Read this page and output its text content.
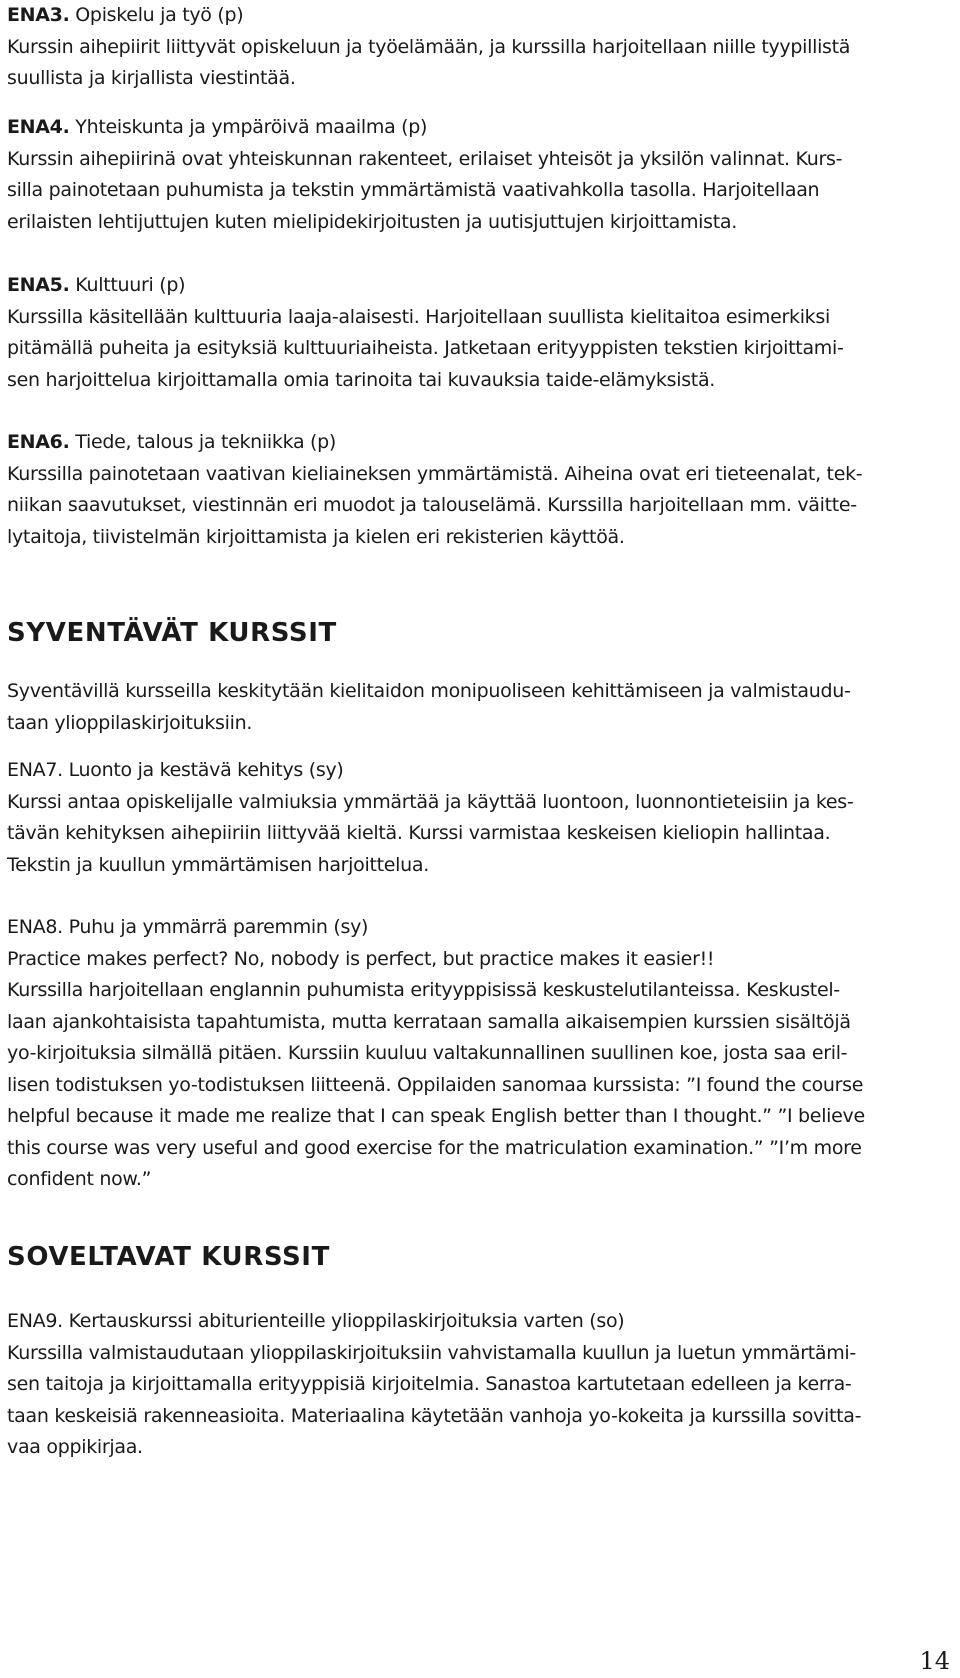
ENA3. Opiskelu ja työ (p)
Kurssin aihepiirit liittyvät opiskeluun ja työelämään, ja kurssilla harjoitellaan niille tyypillistä
suullista ja kirjallista viestintää.
ENA4. Yhteiskunta ja ympäröivä maailma (p)
Kurssin aihepiirinä ovat yhteiskunnan rakenteet, erilaiset yhteisöt ja yksilön valinnat. Kurs-
silla painotetaan puhumista ja tekstin ymmärtämistä vaativahkolla tasolla. Harjoitellaan
erilaisten lehtijuttujen kuten mielipidekirjoitusten ja uutisjuttujen kirjoittamista.
ENA5. Kulttuuri (p)
Kurssilla käsitellään kulttuuria laaja-alaisesti. Harjoitellaan suullista kielitaitoa esimerkiksi
pitämällä puheita ja esityksiä kulttuuriaiheista. Jatketaan erityyppisten tekstien kirjoittami-
sen harjoittelua kirjoittamalla omia tarinoita tai kuvauksia taide-elämyksistä.
ENA6. Tiede, talous ja tekniikka (p)
Kurssilla painotetaan vaativan kieliaineksen ymmärtämistä. Aiheina ovat eri tieteenalat, tek-
niikan saavutukset, viestinnän eri muodot ja talouselämä. Kurssilla harjoitellaan mm. väitte-
lytaitoja, tiivistelmän kirjoittamista ja kielen eri rekisterien käyttöä.
SYVENTÄVÄT KURSSIT
Syventävillä kursseilla keskitytään kielitaidon monipuoliseen kehittämiseen ja valmistaudu-
taan ylioppilaskirjoituksiin.
ENA7. Luonto ja kestävä kehitys (sy)
Kurssi antaa opiskelijalle valmiuksia ymmärtää ja käyttää luontoon, luonnontieteisiin ja kes-
tävän kehityksen aihepiiriin liittyvää kieltä. Kurssi varmistaa keskeisen kieliopin hallintaa.
Tekstin ja kuullun ymmärtämisen harjoittelua.
ENA8. Puhu ja ymmärrä paremmin (sy)
Practice makes perfect? No, nobody is perfect, but practice makes it easier!!
Kurssilla harjoitellaan englannin puhumista erityyppisissä keskustelutilanteissa. Keskustel-
laan ajankohtaisista tapahtumista, mutta kerrataan samalla aikaisempien kurssien sisältöjä
yo-kirjoituksia silmällä pitäen. Kurssiin kuuluu valtakunnallinen suullinen koe, josta saa eril-
lisen todistuksen yo-todistuksen liitteenä. Oppilaiden sanomaa kurssista: ”I found the course
helpful because it made me realize that I can speak English better than I thought.” ”I believe
this course was very useful and good exercise for the matriculation examination.” ”I’m more
confident now.”
SOVELTAVAT KURSSIT
ENA9. Kertauskurssi abiturienteille ylioppilaskirjoituksia varten (so)
Kurssilla valmistaudutaan ylioppilaskirjoituksiin vahvistamalla kuullun ja luetun ymmärtämi-
sen taitoja ja kirjoittamalla erityyppisiä kirjoitelmia. Sanastoa kartutetaan edelleen ja kerra-
taan keskeisiä rakenneasioita. Materiaalina käytetään vanhoja yo-kokeita ja kurssilla sovitta-
vaa oppikirjaa.
14
